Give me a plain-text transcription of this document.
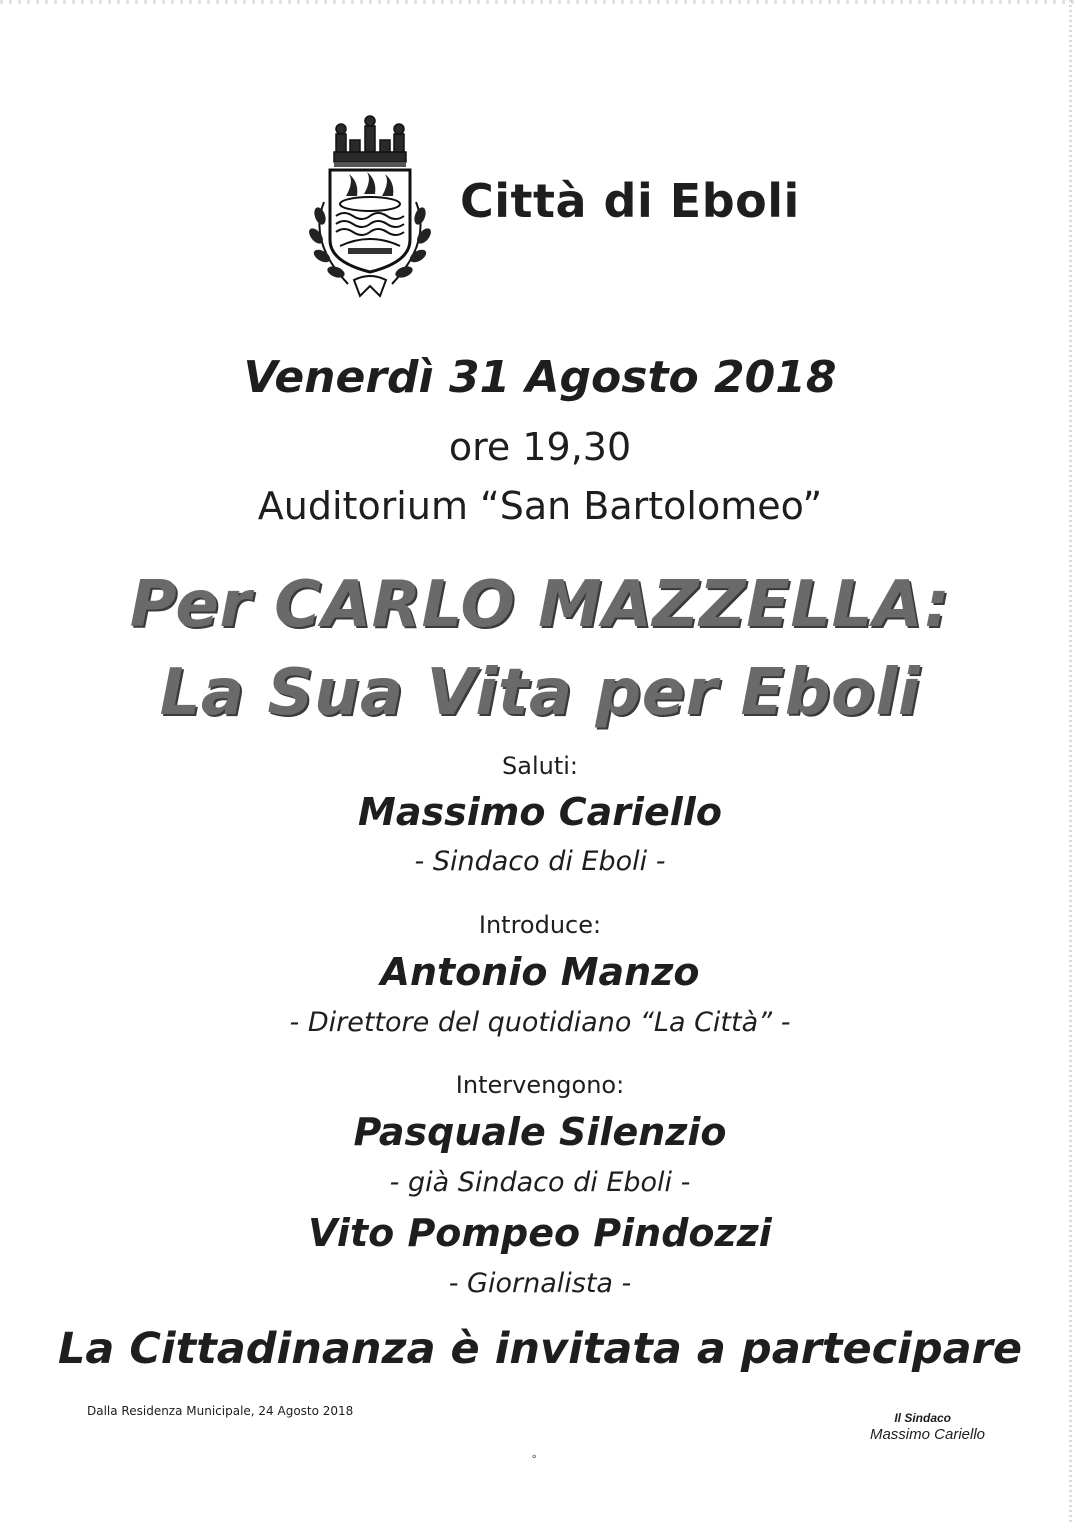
Città di Eboli
Venerdì 31 Agosto 2018
ore 19,30
Auditorium “San Bartolomeo”
Per CARLO MAZZELLA:
La Sua Vita per Eboli
Saluti:
Massimo Cariello
- Sindaco di Eboli -
Introduce:
Antonio Manzo
- Direttore del quotidiano “La Città” -
Intervengono:
Pasquale Silenzio
- già Sindaco di Eboli -
Vito Pompeo Pindozzi
- Giornalista -
La Cittadinanza è invitata a partecipare
Dalla Residenza Municipale, 24 Agosto 2018	Il Sindaco
Massimo Cariello
⚬
